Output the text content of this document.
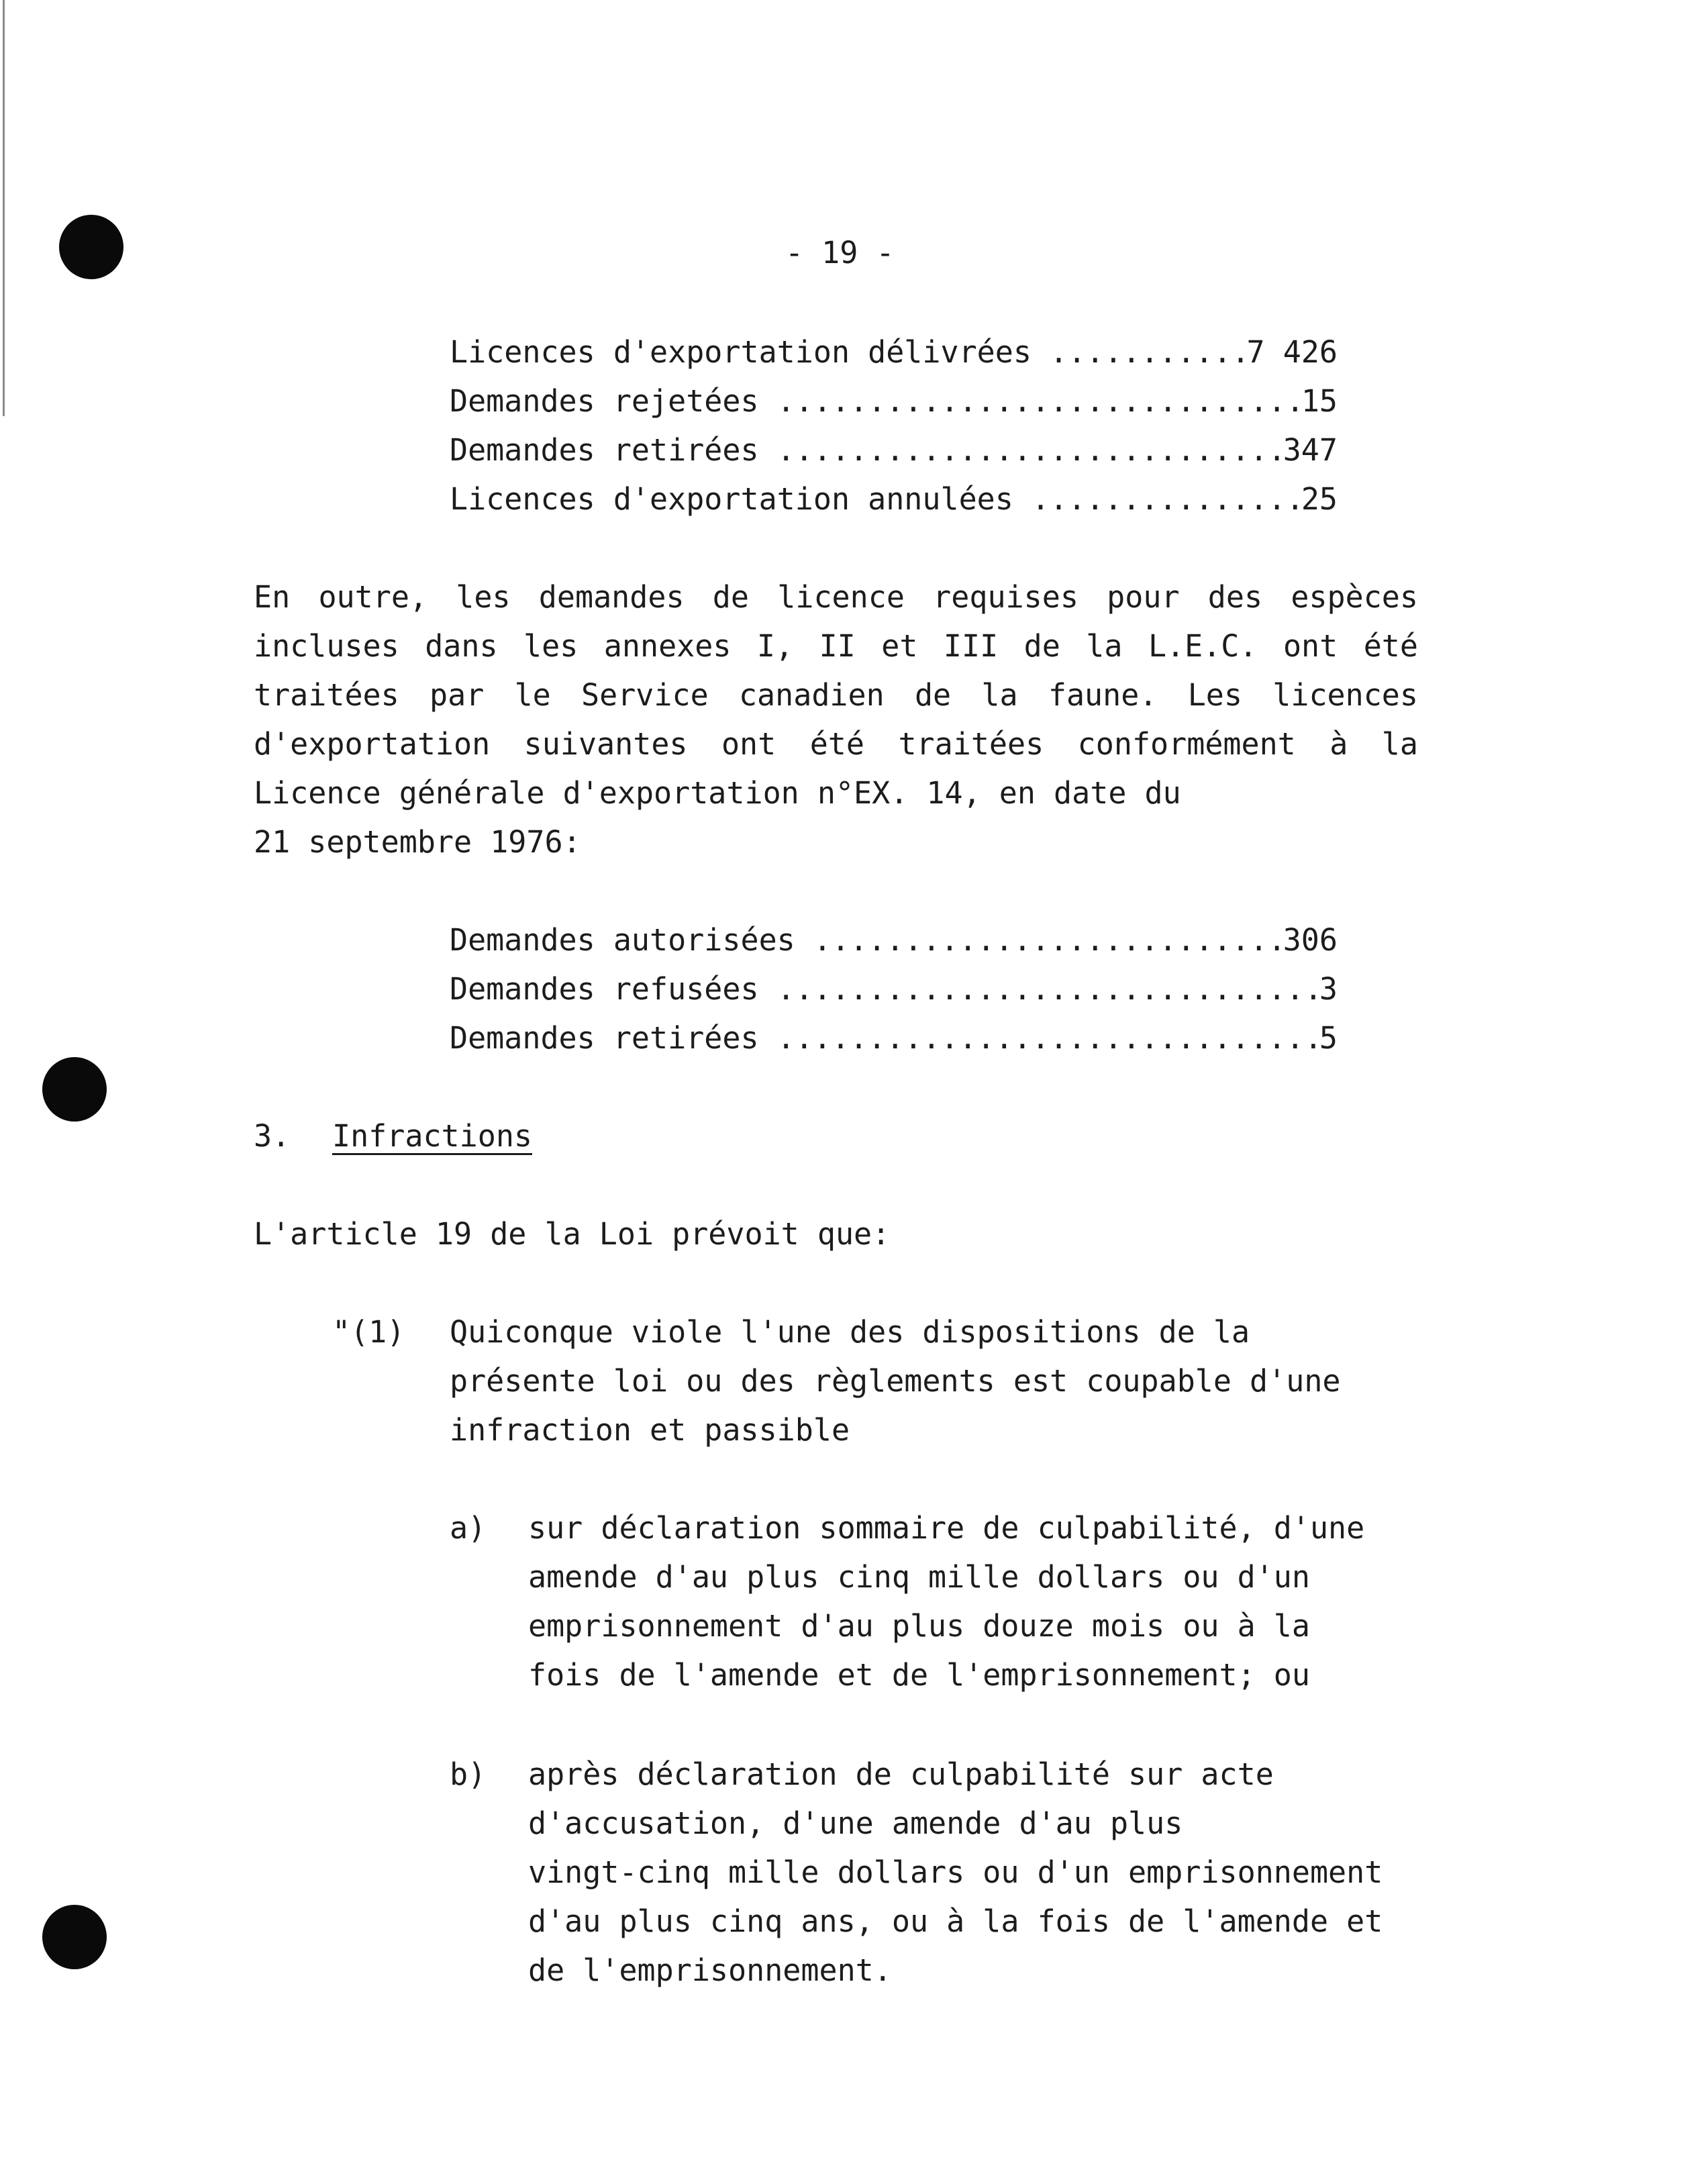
- 19 -
Licences d'exportation délivrées .....	7 426
Demandes rejetées .....	15
Demandes retirées .....	347
Licences d'exportation annulées .....	25
En outre, les demandes de licence requises pour des espèces
incluses dans les annexes I, II et III de la L.E.C. ont été
traitées par le Service canadien de la faune. Les licences
d'exportation suivantes ont été traitées conformément à la
Licence générale d'exportation n°EX. 14, en date du
21 septembre 1976:
Demandes autorisées .....	306
Demandes refusées .....	3
Demandes retirées .....	5
3. Infractions
L'article 19 de la Loi prévoit que:
"(1) Quiconque viole l'une des dispositions de la
présente loi ou des règlements est coupable d'une
infraction et passible
a) sur déclaration sommaire de culpabilité, d'une
amende d'au plus cinq mille dollars ou d'un
emprisonnement d'au plus douze mois ou à la
fois de l'amende et de l'emprisonnement; ou
b) après déclaration de culpabilité sur acte
d'accusation, d'une amende d'au plus
vingt-cinq mille dollars ou d'un emprisonnement
d'au plus cinq ans, ou à la fois de l'amende et
de l'emprisonnement.
